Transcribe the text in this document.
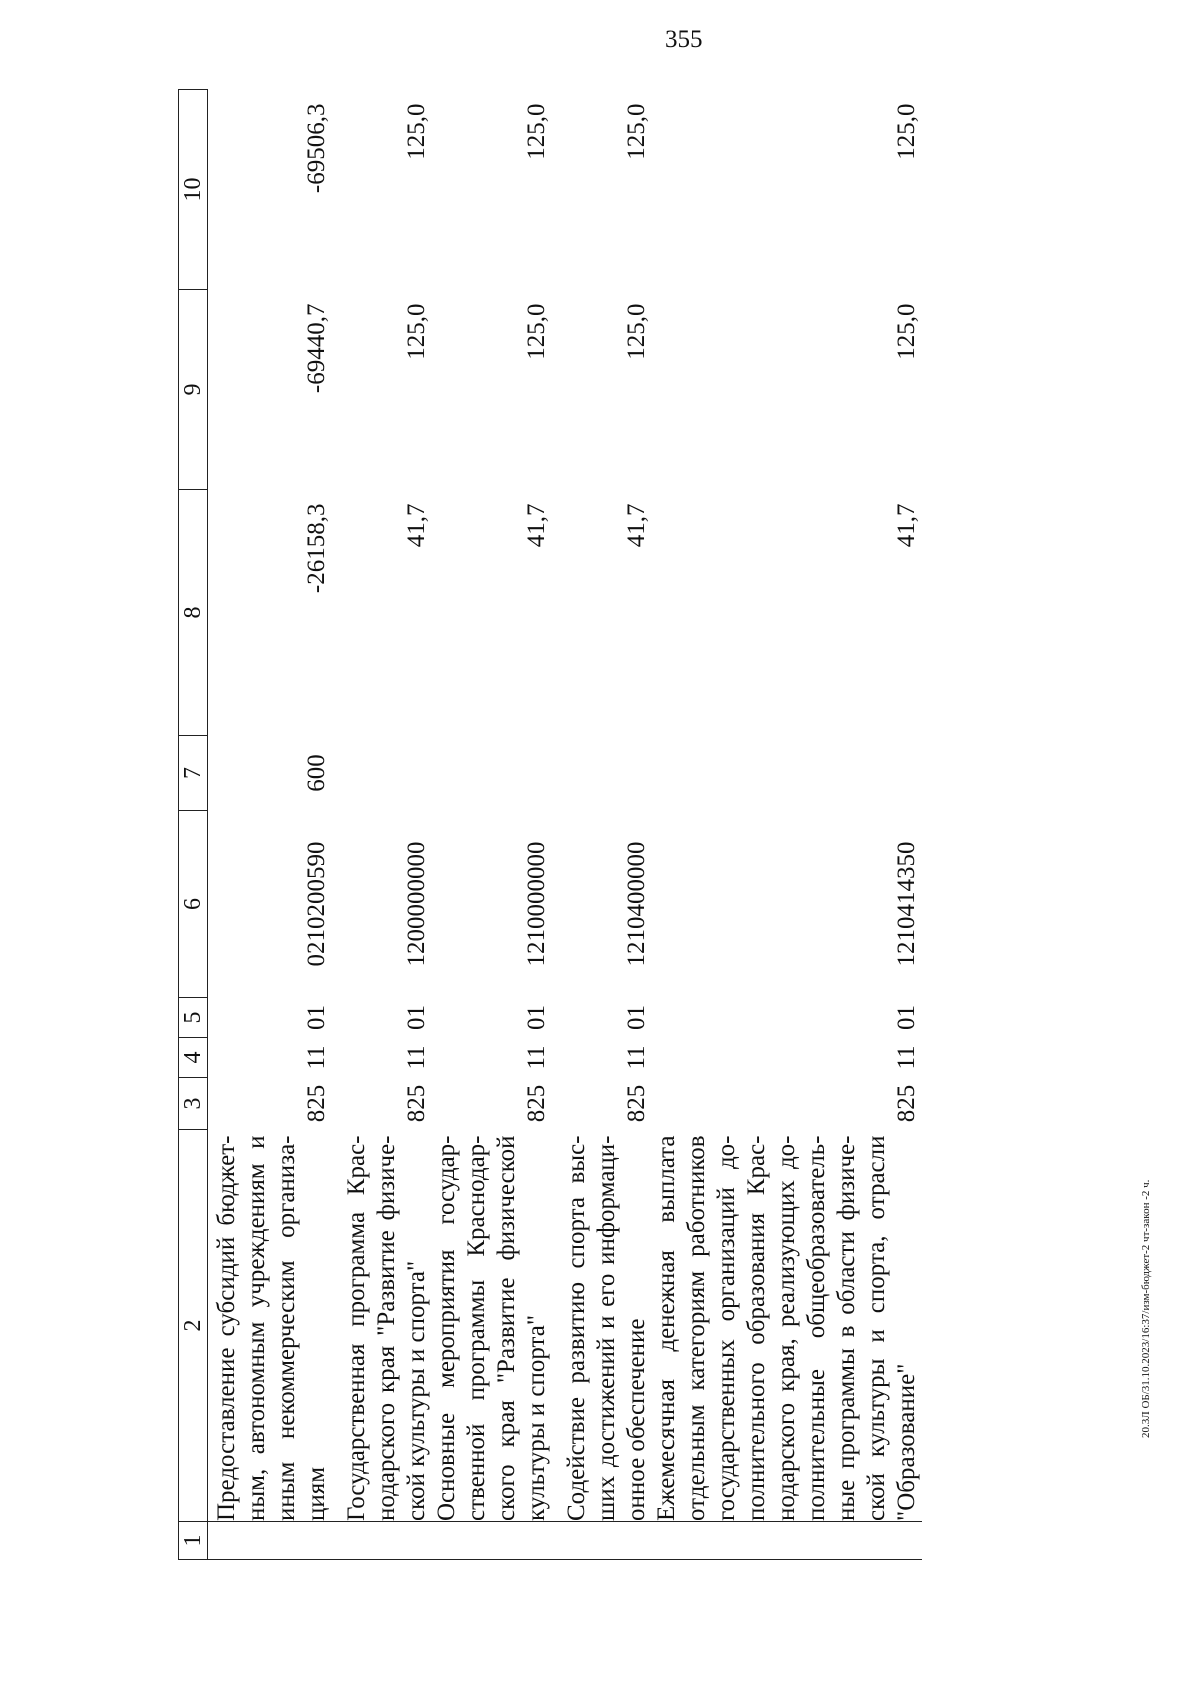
355
1	2	3	4	5	6	7	8	9	10
	Предоставление субсидий бюджет-ным, автономным учреждениям и иным некоммерческим организа-циям	825	11	01	0210200590	600	-26158,3	-69440,7	-69506,3
	Государственная программа Крас-нодарского края "Развитие физиче-ской культуры и спорта"	825	11	01	1200000000		41,7	125,0	125,0
	Основные мероприятия государ-ственной программы Краснодар-ского края "Развитие физической культуры и спорта"	825	11	01	1210000000		41,7	125,0	125,0
	Содействие развитию спорта выс-ших достижений и его информаци-онное обеспечение	825	11	01	1210400000		41,7	125,0	125,0
	Ежемесячная денежная выплата отдельным категориям работников государственных организаций до-полнительного образования Крас-нодарского края, реализующих до-полнительные общеобразователь-ные программы в области физиче-ской культуры и спорта, отрасли "Образование"	825	11	01	1210414350		41,7	125,0	125,0
20.3Л ОБ/31.10.2023/16:37/изм-бюджет-2 чт-закон -2 ч.
